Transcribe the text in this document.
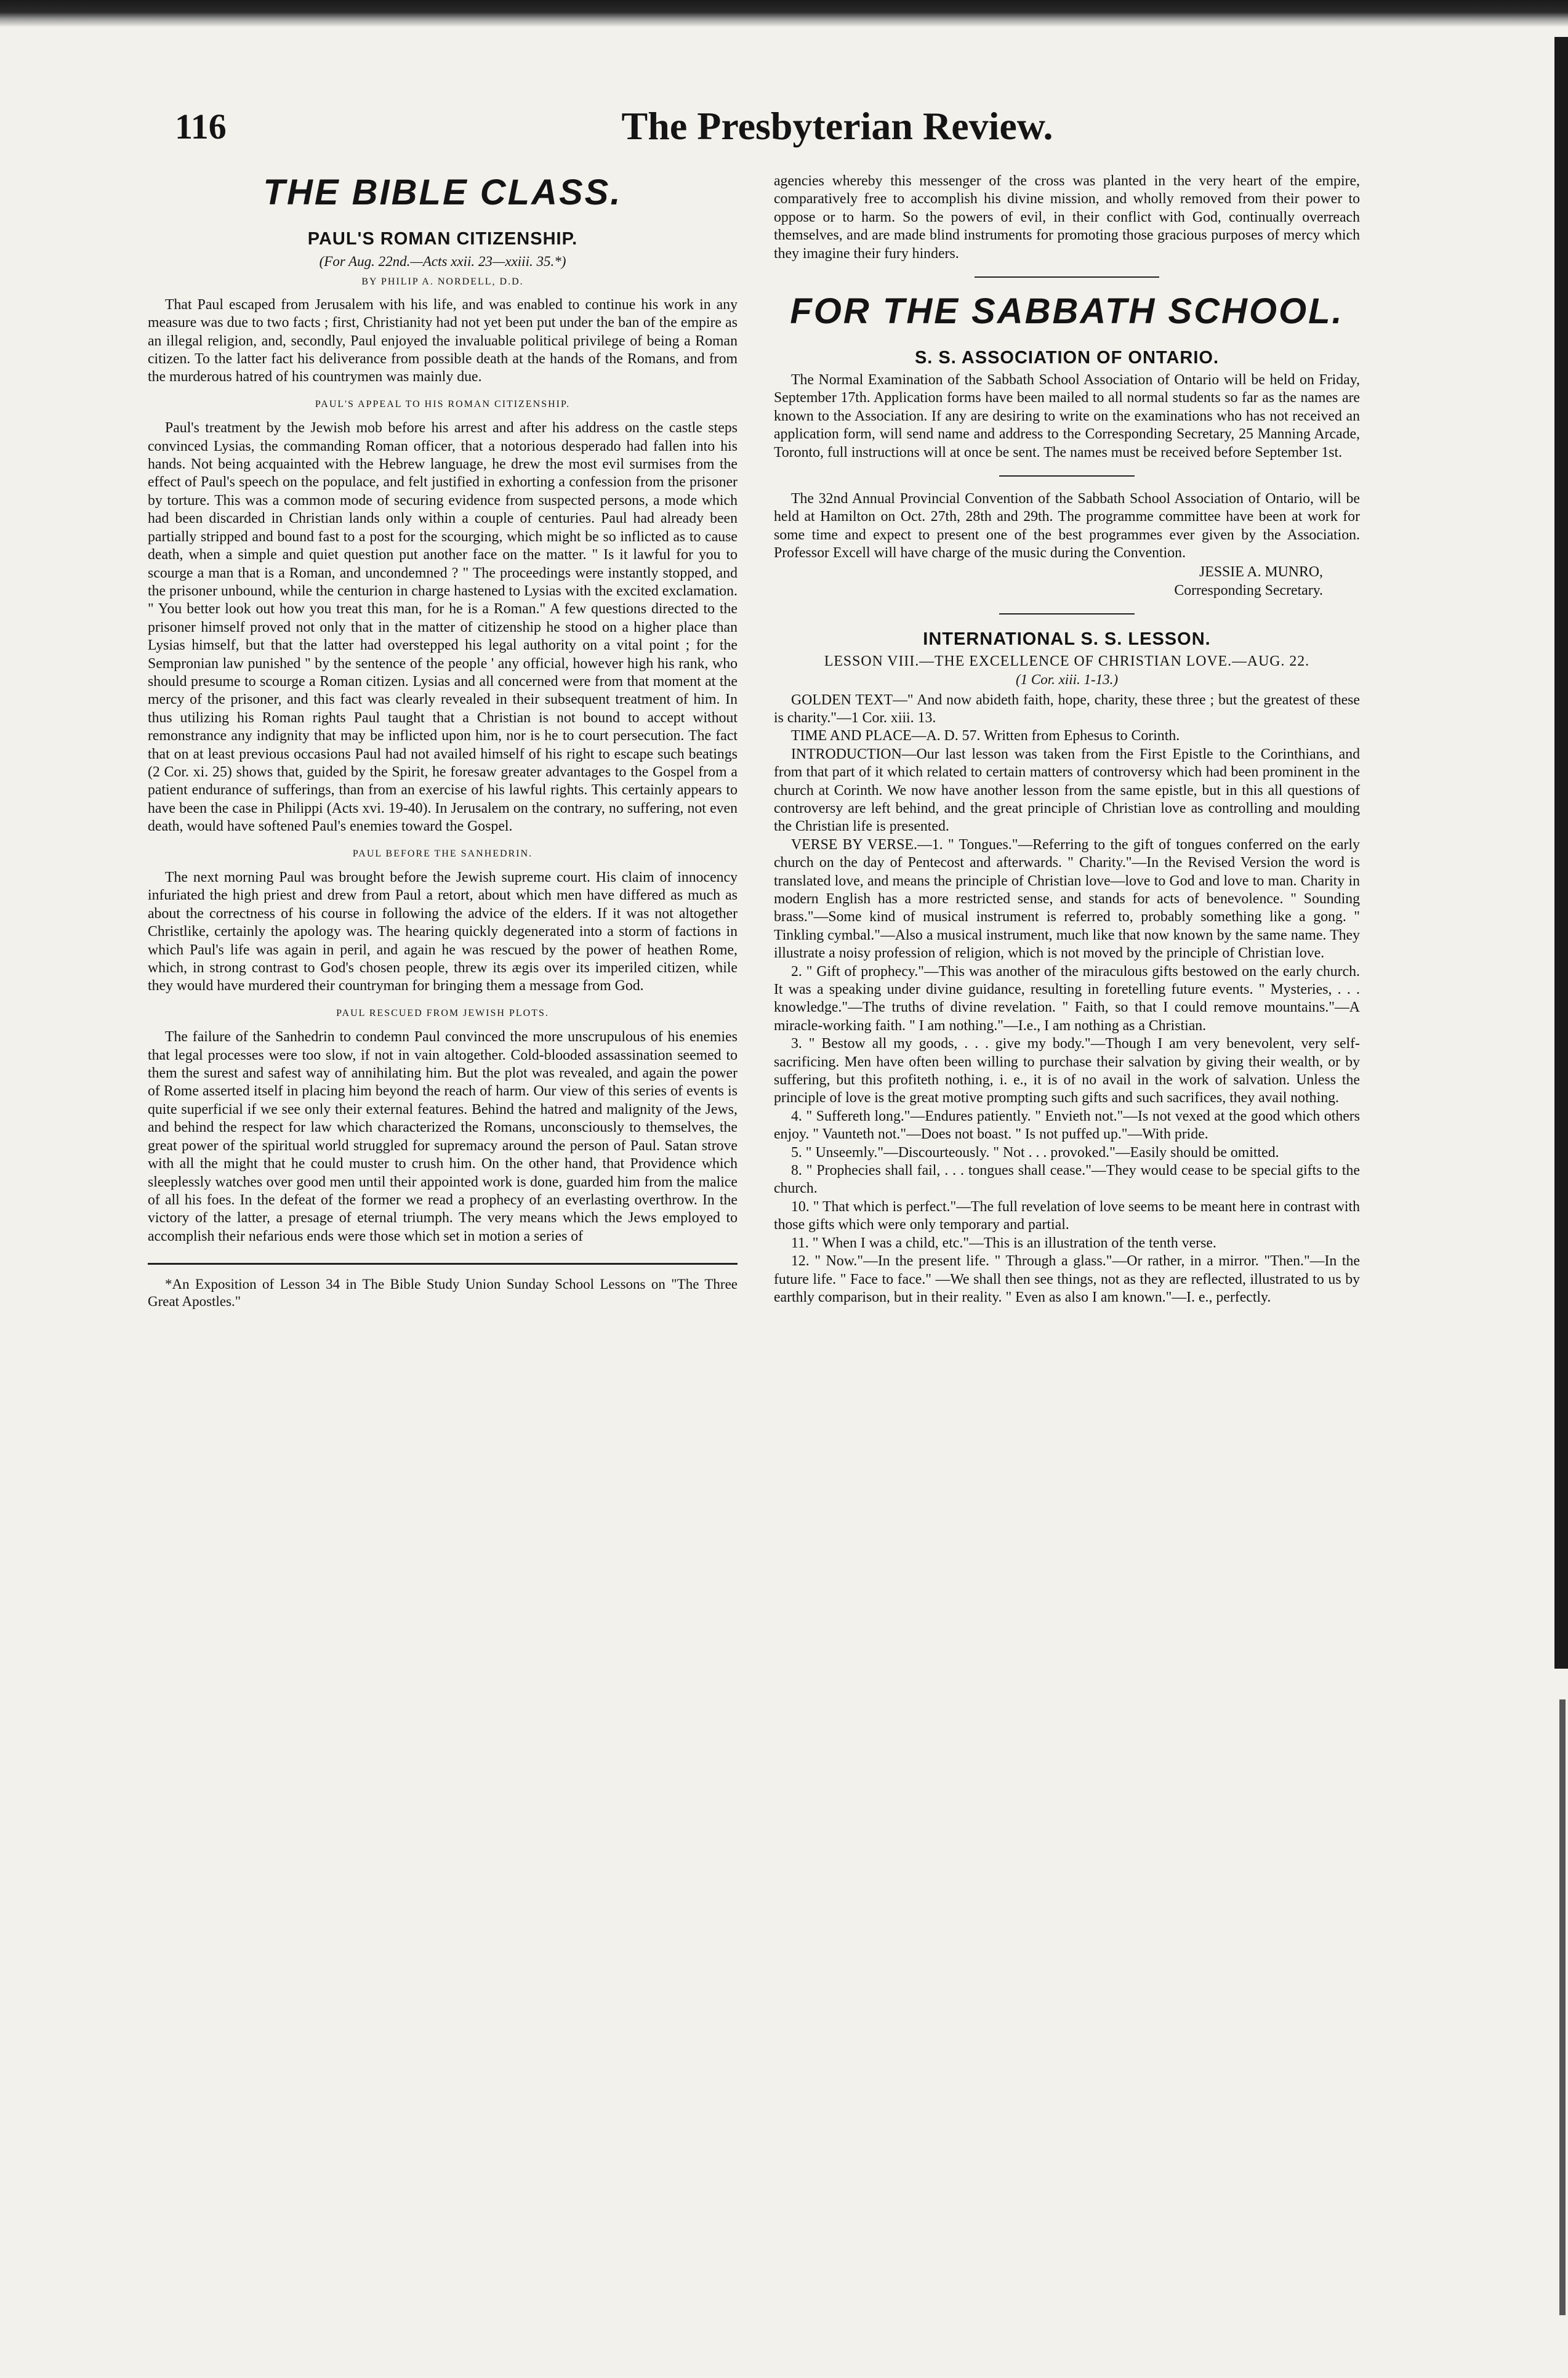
116	The Presbyterian Review.
THE BIBLE CLASS.
PAUL'S ROMAN CITIZENSHIP.
(For Aug. 22nd.—Acts xxii. 23—xxiii. 35.*)
BY PHILIP A. NORDELL, D.D.

That Paul escaped from Jerusalem with his life, and was enabled to continue his work in any measure was due to two facts ; first, Christianity had not yet been put under the ban of the empire as an illegal religion, and, secondly, Paul enjoyed the invaluable political privilege of being a Roman citizen. To the latter fact his deliverance from possible death at the hands of the Romans, and from the murderous hatred of his countrymen was mainly due.

PAUL'S APPEAL TO HIS ROMAN CITIZENSHIP.

Paul's treatment by the Jewish mob before his arrest and after his address on the castle steps convinced Lysias, the commanding Roman officer, that a notorious desperado had fallen into his hands. Not being acquainted with the Hebrew language, he drew the most evil surmises from the effect of Paul's speech on the populace, and felt justified in exhorting a confession from the prisoner by torture. This was a common mode of securing evidence from suspected persons, a mode which had been discarded in Christian lands only within a couple of centuries. Paul had already been partially stripped and bound fast to a post for the scourging, which might be so inflicted as to cause death, when a simple and quiet question put another face on the matter. " Is it lawful for you to scourge a man that is a Roman, and uncondemned ? " The proceedings were instantly stopped, and the prisoner unbound, while the centurion in charge hastened to Lysias with the excited exclamation. " You better look out how you treat this man, for he is a Roman." A few questions directed to the prisoner himself proved not only that in the matter of citizenship he stood on a higher place than Lysias himself, but that the latter had overstepped his legal authority on a vital point ; for the Sempronian law punished " by the sentence of the people ' any official, however high his rank, who should presume to scourge a Roman citizen. Lysias and all concerned were from that moment at the mercy of the prisoner, and this fact was clearly revealed in their subsequent treatment of him. In thus utilizing his Roman rights Paul taught that a Christian is not bound to accept without remonstrance any indignity that may be inflicted upon him, nor is he to court persecution. The fact that on at least previous occasions Paul had not availed himself of his right to escape such beatings (2 Cor. xi. 25) shows that, guided by the Spirit, he foresaw greater advantages to the Gospel from a patient endurance of sufferings, than from an exercise of his lawful rights. This certainly appears to have been the case in Philippi (Acts xvi. 19-40). In Jerusalem on the contrary, no suffering, not even death, would have softened Paul's enemies toward the Gospel.

PAUL BEFORE THE SANHEDRIN.

The next morning Paul was brought before the Jewish supreme court. His claim of innocency infuriated the high priest and drew from Paul a retort, about which men have differed as much as about the correctness of his course in following the advice of the elders. If it was not altogether Christlike, certainly the apology was. The hearing quickly degenerated into a storm of factions in which Paul's life was again in peril, and again he was rescued by the power of heathen Rome, which, in strong contrast to God's chosen people, threw its ægis over its imperiled citizen, while they would have murdered their countryman for bringing them a message from God.

PAUL RESCUED FROM JEWISH PLOTS.

The failure of the Sanhedrin to condemn Paul convinced the more unscrupulous of his enemies that legal processes were too slow, if not in vain altogether. Cold-blooded assassination seemed to them the surest and safest way of annihilating him. But the plot was revealed, and again the power of Rome asserted itself in placing him beyond the reach of harm. Our view of this series of events is quite superficial if we see only their external features. Behind the hatred and malignity of the Jews, and behind the respect for law which characterized the Romans, unconsciously to themselves, the great power of the spiritual world struggled for supremacy around the person of Paul. Satan strove with all the might that he could muster to crush him. On the other hand, that Providence which sleeplessly watches over good men until their appointed work is done, guarded him from the malice of all his foes. In the defeat of the former we read a prophecy of an everlasting overthrow. In the victory of the latter, a presage of eternal triumph. The very means which the Jews employed to accomplish their nefarious ends were those which set in motion a series of

*An Exposition of Lesson 34 in The Bible Study Union Sunday School Lessons on "The Three Great Apostles."

agencies whereby this messenger of the cross was planted in the very heart of the empire, comparatively free to accomplish his divine mission, and wholly removed from their power to oppose or to harm. So the powers of evil, in their conflict with God, continually overreach themselves, and are made blind instruments for promoting those gracious purposes of mercy which they imagine their fury hinders.

FOR THE SABBATH SCHOOL.
S. S. ASSOCIATION OF ONTARIO.

The Normal Examination of the Sabbath School Association of Ontario will be held on Friday, September 17th. Application forms have been mailed to all normal students so far as the names are known to the Association. If any are desiring to write on the examinations who has not received an application form, will send name and address to the Corresponding Secretary, 25 Manning Arcade, Toronto, full instructions will at once be sent. The names must be received before September 1st.

The 32nd Annual Provincial Convention of the Sabbath School Association of Ontario, will be held at Hamilton on Oct. 27th, 28th and 29th. The programme committee have been at work for some time and expect to present one of the best programmes ever given by the Association. Professor Excell will have charge of the music during the Convention.

JESSIE A. MUNRO,
Corresponding Secretary.
INTERNATIONAL S. S. LESSON.
LESSON VIII.—THE EXCELLENCE OF CHRISTIAN LOVE.—AUG. 22.
(1 Cor. xiii. 1-13.)

GOLDEN TEXT—" And now abideth faith, hope, charity, these three ; but the greatest of these is charity."—1 Cor. xiii. 13.

TIME AND PLACE—A. D. 57. Written from Ephesus to Corinth.

INTRODUCTION—Our last lesson was taken from the First Epistle to the Corinthians, and from that part of it which related to certain matters of controversy which had been prominent in the church at Corinth. We now have another lesson from the same epistle, but in this all questions of controversy are left behind, and the great principle of Christian love as controlling and moulding the Christian life is presented.

VERSE BY VERSE.—1. " Tongues."—Referring to the gift of tongues conferred on the early church on the day of Pentecost and afterwards. " Charity."—In the Revised Version the word is translated love, and means the principle of Christian love—love to God and love to man. Charity in modern English has a more restricted sense, and stands for acts of benevolence. " Sounding brass."—Some kind of musical instrument is referred to, probably something like a gong. " Tinkling cymbal."—Also a musical instrument, much like that now known by the same name. They illustrate a noisy profession of religion, which is not moved by the principle of Christian love.

2. " Gift of prophecy."—This was another of the miraculous gifts bestowed on the early church. It was a speaking under divine guidance, resulting in foretelling future events. " Mysteries, . . . knowledge."—The truths of divine revelation. " Faith, so that I could remove mountains."—A miracle-working faith. " I am nothing."—I.e., I am nothing as a Christian.

3. " Bestow all my goods, . . . give my body."—Though I am very benevolent, very self-sacrificing. Men have often been willing to purchase their salvation by giving their wealth, or by suffering, but this profiteth nothing, i. e., it is of no avail in the work of salvation. Unless the principle of love is the great motive prompting such gifts and such sacrifices, they avail nothing.

4. " Suffereth long."—Endures patiently. " Envieth not."—Is not vexed at the good which others enjoy. " Vaunteth not."—Does not boast. " Is not puffed up."—With pride.

5. " Unseemly."—Discourteously. " Not . . . provoked."—Easily should be omitted.

8. " Prophecies shall fail, . . . tongues shall cease."—They would cease to be special gifts to the church.

10. " That which is perfect."—The full revelation of love seems to be meant here in contrast with those gifts which were only temporary and partial.

11. " When I was a child, etc."—This is an illustration of the tenth verse.

12. " Now."—In the present life. " Through a glass."—Or rather, in a mirror. "Then."—In the future life. " Face to face." —We shall then see things, not as they are reflected, illustrated to us by earthly comparison, but in their reality. " Even as also I am known."—I. e., perfectly.
